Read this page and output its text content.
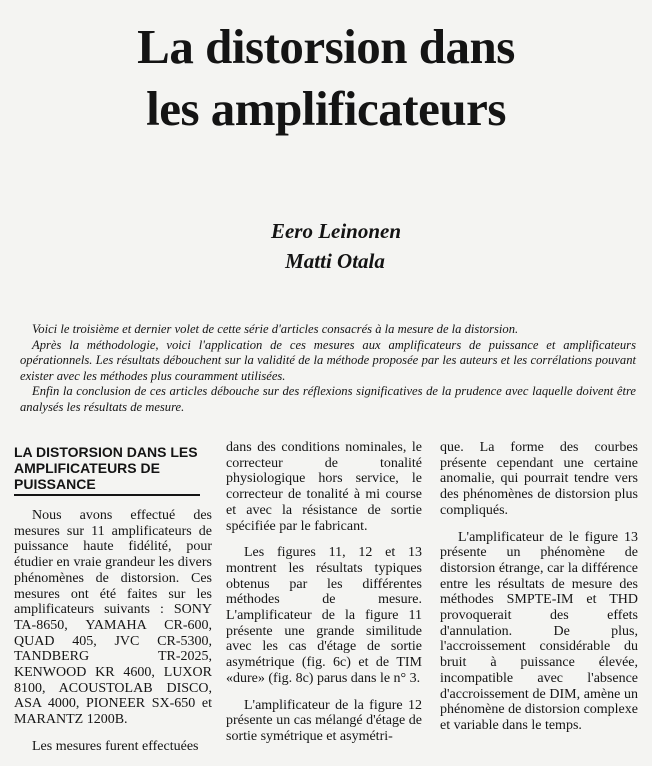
La distorsion dans
les amplificateurs
Eero Leinonen
Matti Otala

Voici le troisième et dernier volet de cette série d'articles consacrés à la mesure de la distorsion.

Après la méthodologie, voici l'application de ces mesures aux amplificateurs de puissance et amplificateurs opérationnels. Les résultats débouchent sur la validité de la méthode proposée par les auteurs et les corrélations pouvant exister avec les méthodes plus couramment utilisées.

Enfin la conclusion de ces articles débouche sur des réflexions significatives de la prudence avec laquelle doivent être analysés les résultats de mesure.

LA DISTORSION DANS LES AMPLIFICATEURS DE PUISSANCE

Nous avons effectué des mesures sur 11 amplificateurs de puissance haute fidélité, pour étudier en vraie grandeur les divers phénomènes de distorsion. Ces mesures ont été faites sur les amplificateurs suivants : SONY TA-8650, YAMAHA CR-600, QUAD 405, JVC CR-5300, TANDBERG TR-2025, KENWOOD KR 4600, LUXOR 8100, ACOUSTOLAB DISCO, ASA 4000, PIONEER SX-650 et MARANTZ 1200B.

Les mesures furent effectuées

dans des conditions nominales, le correcteur de tonalité physiologique hors service, le correcteur de tonalité à mi course et avec la résistance de sortie spécifiée par le fabricant.

Les figures 11, 12 et 13 montrent les résultats typiques obtenus par les différentes méthodes de mesure. L'amplificateur de la figure 11 présente une grande similitude avec les cas d'étage de sortie asymétrique (fig. 6c) et de TIM «dure» (fig. 8c) parus dans le n° 3.

L'amplificateur de la figure 12 présente un cas mélangé d'étage de sortie symétrique et asymétri-

que. La forme des courbes présente cependant une certaine anomalie, qui pourrait tendre vers des phénomènes de distorsion plus compliqués.

L'amplificateur de le figure 13 présente un phénomène de distorsion étrange, car la différence entre les résultats de mesure des méthodes SMPTE-IM et THD provoquerait des effets d'annulation. De plus, l'accroissement considérable du bruit à puissance élevée, incompatible avec l'absence d'accroissement de DIM, amène un phénomène de distorsion complexe et variable dans le temps.
